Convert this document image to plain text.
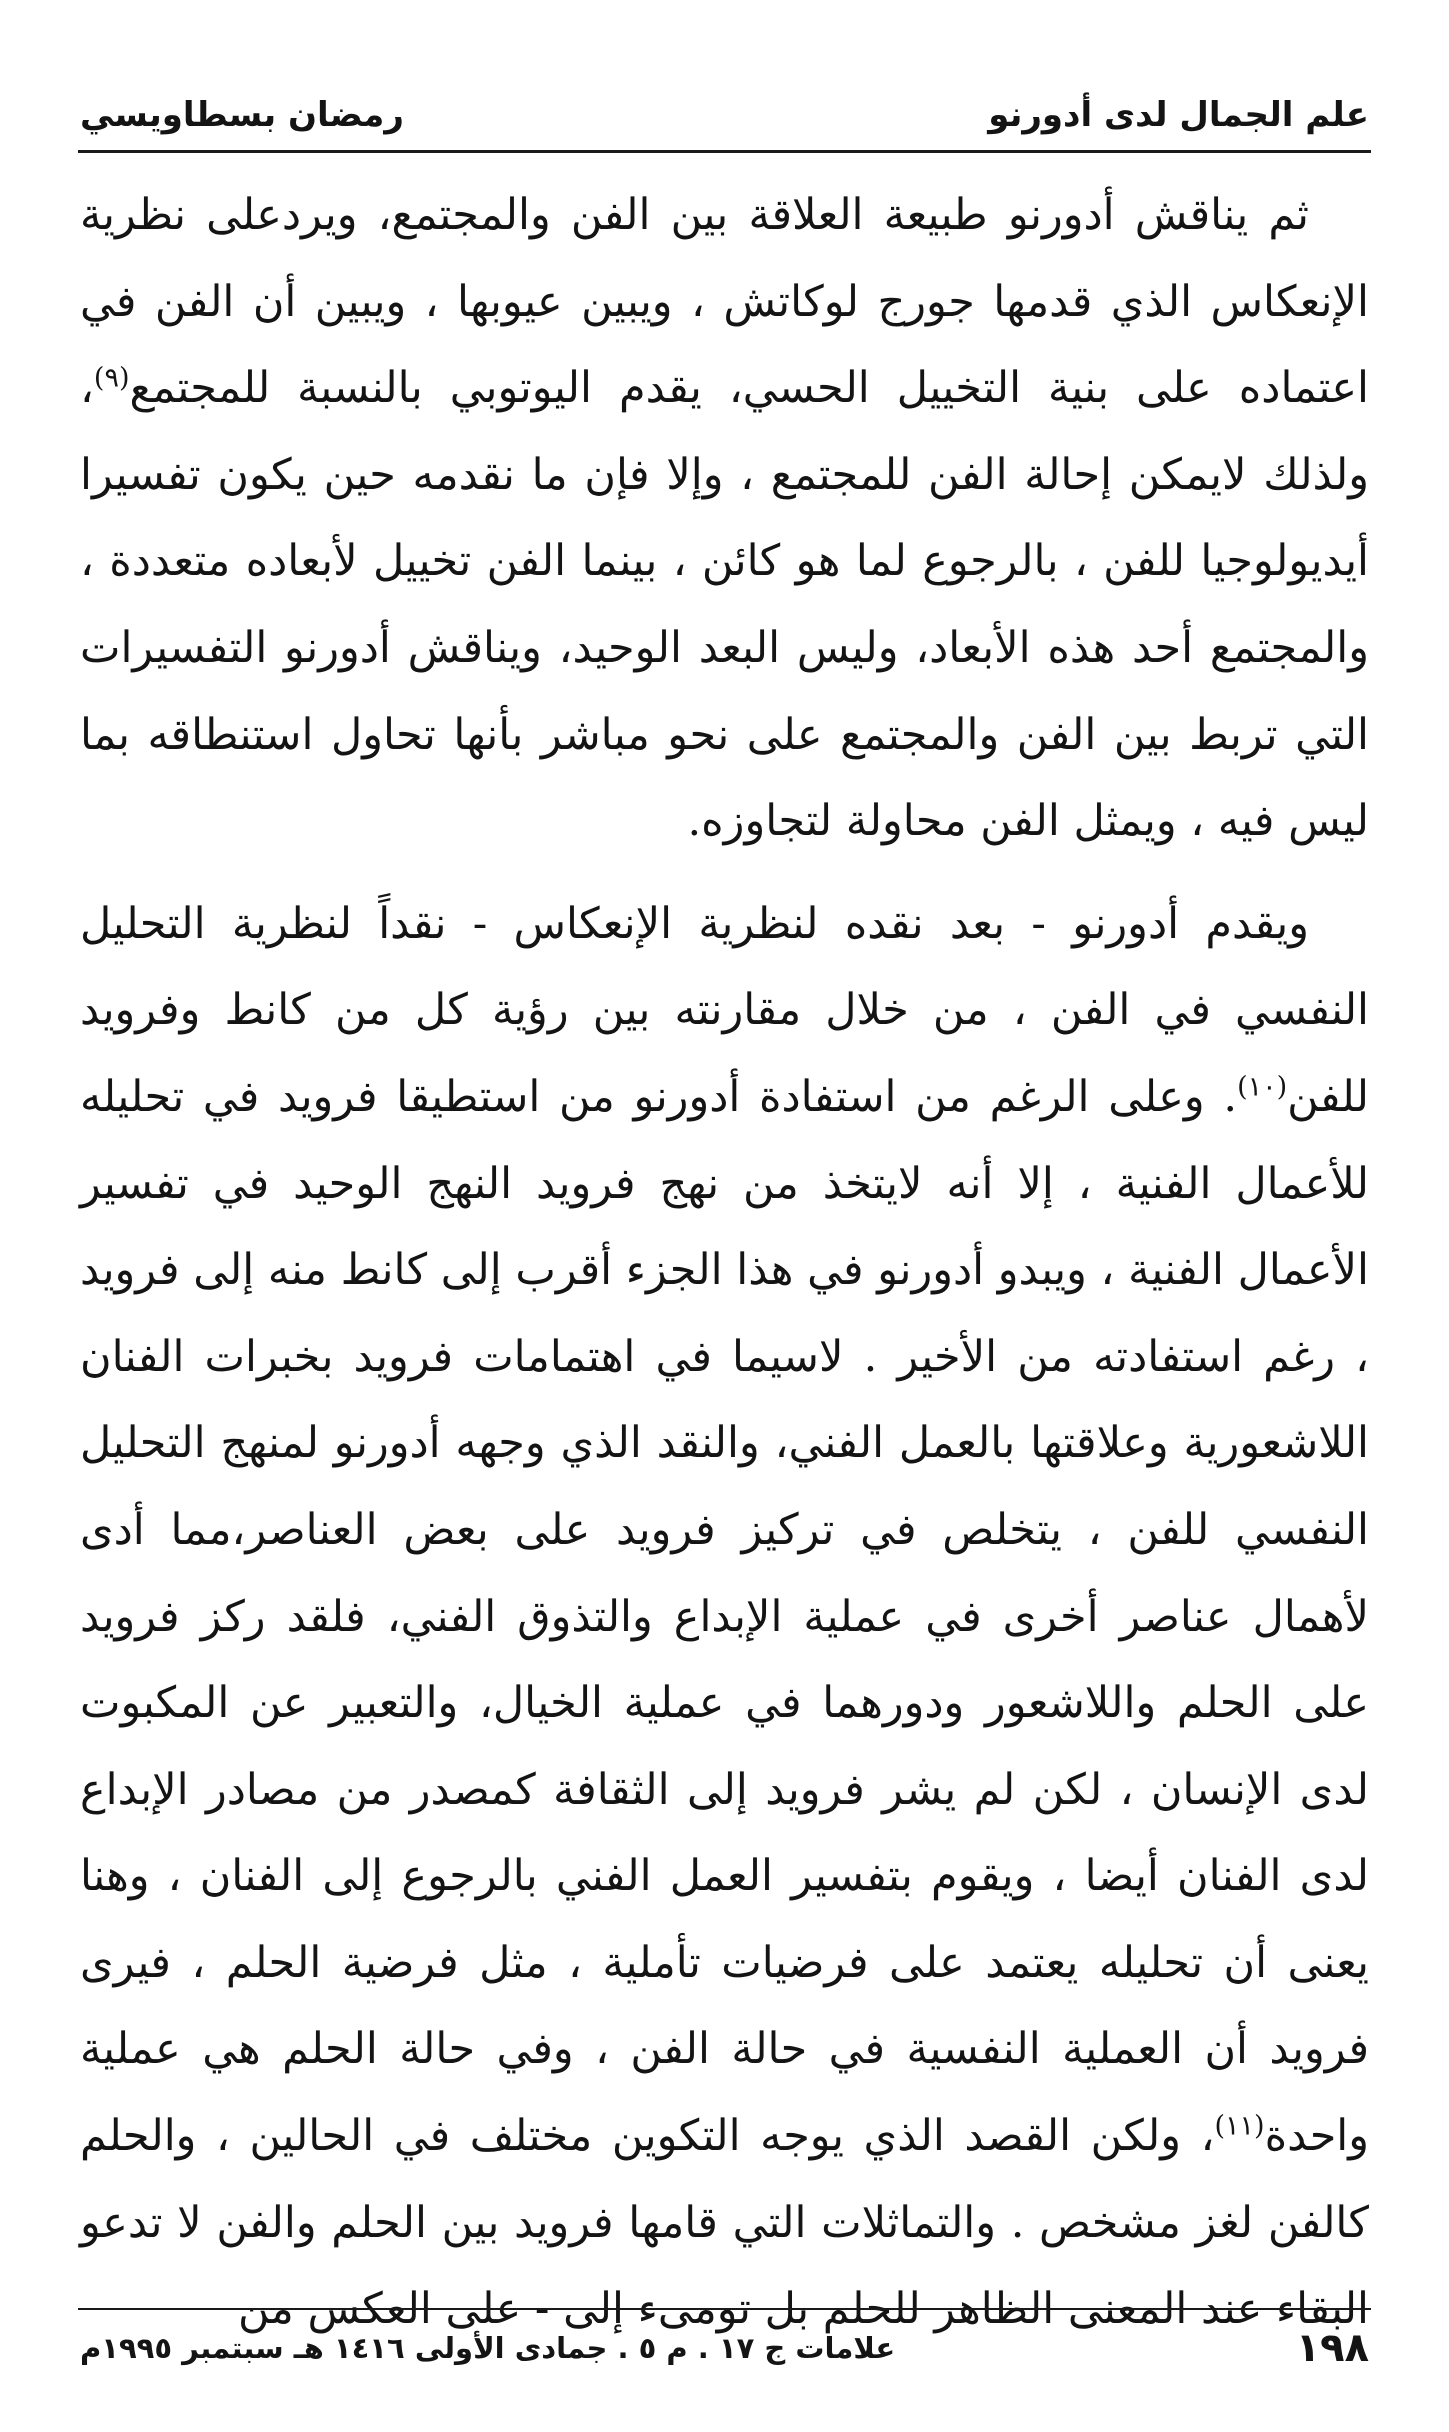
علم الجمال لدى أدورنو
رمضان بسطاويسي

ثم يناقش أدورنو طبيعة العلاقة بين الفن والمجتمع، ويردعلى نظرية الإنعكاس الذي قدمها جورج لوكاتش ، ويبين عيوبها ، ويبين أن الفن في اعتماده على بنية التخييل الحسي، يقدم اليوتوبي بالنسبة للمجتمع$^{(٩)}$، ولذلك لايمكن إحالة الفن للمجتمع ، وإلا فإن ما نقدمه حين يكون تفسيرا أيديولوجيا للفن ، بالرجوع لما هو كائن ، بينما الفن تخييل لأبعاده متعددة ، والمجتمع أحد هذه الأبعاد، وليس البعد الوحيد، ويناقش أدورنو التفسيرات التي تربط بين الفن والمجتمع على نحو مباشر بأنها تحاول استنطاقه بما ليس فيه ، ويمثل الفن محاولة لتجاوزه.

ويقدم أدورنو - بعد نقده لنظرية الإنعكاس - نقداً لنظرية التحليل النفسي في الفن ، من خلال مقارنته بين رؤية كل من كانط وفرويد للفن$^{(١٠)}$. وعلى الرغم من استفادة أدورنو من استطيقا فرويد في تحليله للأعمال الفنية ، إلا أنه لايتخذ من نهج فرويد النهج الوحيد في تفسير الأعمال الفنية ، ويبدو أدورنو في هذا الجزء أقرب إلى كانط منه إلى فرويد ، رغم استفادته من الأخير . لاسيما في اهتمامات فرويد بخبرات الفنان اللاشعورية وعلاقتها بالعمل الفني، والنقد الذي وجهه أدورنو لمنهج التحليل النفسي للفن ، يتخلص في تركيز فرويد على بعض العناصر،مما أدى لأهمال عناصر أخرى في عملية الإبداع والتذوق الفني، فلقد ركز فرويد على الحلم واللاشعور ودورهما في عملية الخيال، والتعبير عن المكبوت لدى الإنسان ، لكن لم يشر فرويد إلى الثقافة كمصدر من مصادر الإبداع لدى الفنان أيضا ، ويقوم بتفسير العمل الفني بالرجوع إلى الفنان ، وهنا يعنى أن تحليله يعتمد على فرضيات تأملية ، مثل فرضية الحلم ، فيرى فرويد أن العملية النفسية في حالة الفن ، وفي حالة الحلم هي عملية واحدة$^{(١١)}$، ولكن القصد الذي يوجه التكوين مختلف في الحالين ، والحلم كالفن لغز مشخص . والتماثلات التي قامها فرويد بين الحلم والفن لا تدعو البقاء عند المعنى الظاهر للحلم بل تومىء إلى - على العكس من

١٩٨
علامات ج ١٧ . م ٥ . جمادى الأولى ١٤١٦ هـ سبتمبر ١٩٩٥م
